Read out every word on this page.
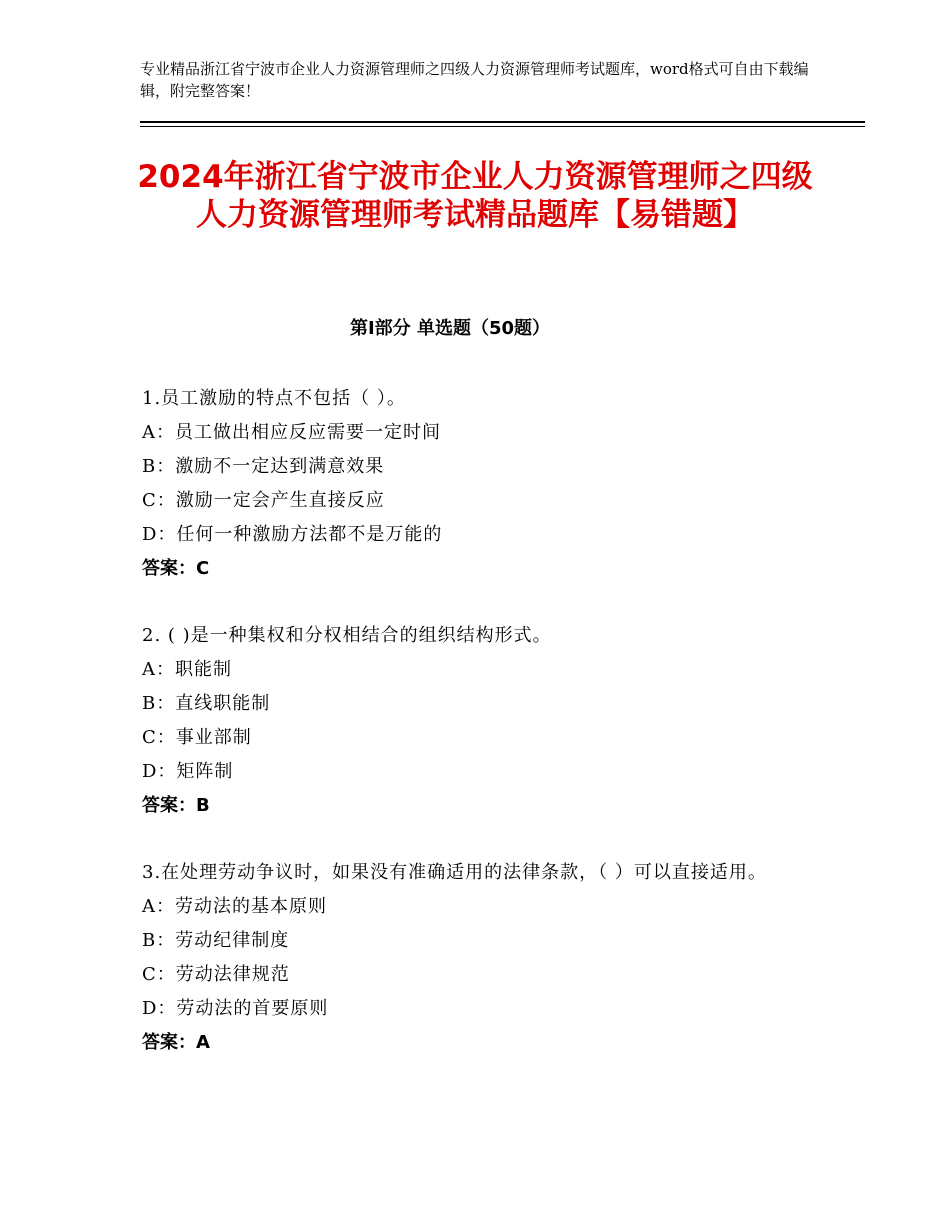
专业精品浙江省宁波市企业人力资源管理师之四级人力资源管理师考试题库，word格式可自由下载编辑，附完整答案！
2024年浙江省宁波市企业人力资源管理师之四级人力资源管理师考试精品题库【易错题】
第Ⅰ部分 单选题（50题）
1.员工激励的特点不包括（ ）。
A：员工做出相应反应需要一定时间
B：激励不一定达到满意效果
C：激励一定会产生直接反应
D：任何一种激励方法都不是万能的
答案：C
2. ( )是一种集权和分权相结合的组织结构形式。
A：职能制
B：直线职能制
C：事业部制
D：矩阵制
答案：B
3.在处理劳动争议时，如果没有准确适用的法律条款，（ ）可以直接适用。
A：劳动法的基本原则
B：劳动纪律制度
C：劳动法律规范
D：劳动法的首要原则
答案：A
